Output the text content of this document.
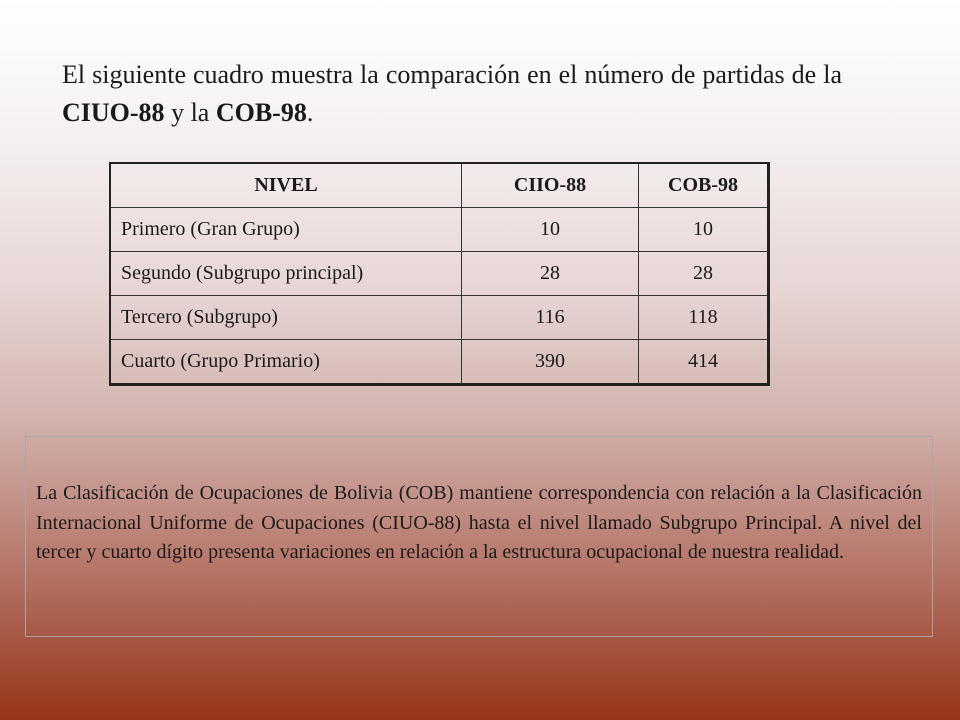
El siguiente cuadro muestra la comparación en el número de partidas de la CIUO-88 y la COB-98.

NIVEL	CIIO-88	COB-98
Primero (Gran Grupo)	10	10
Segundo (Subgrupo principal)	28	28
Tercero (Subgrupo)	116	118
Cuarto (Grupo Primario)	390	414
La Clasificación de Ocupaciones de Bolivia (COB) mantiene correspondencia con relación a la Clasificación Internacional Uniforme de Ocupaciones (CIUO-88) hasta el nivel llamado Subgrupo Principal. A nivel del tercer y cuarto dígito presenta variaciones en relación a la estructura ocupacional de nuestra realidad.
